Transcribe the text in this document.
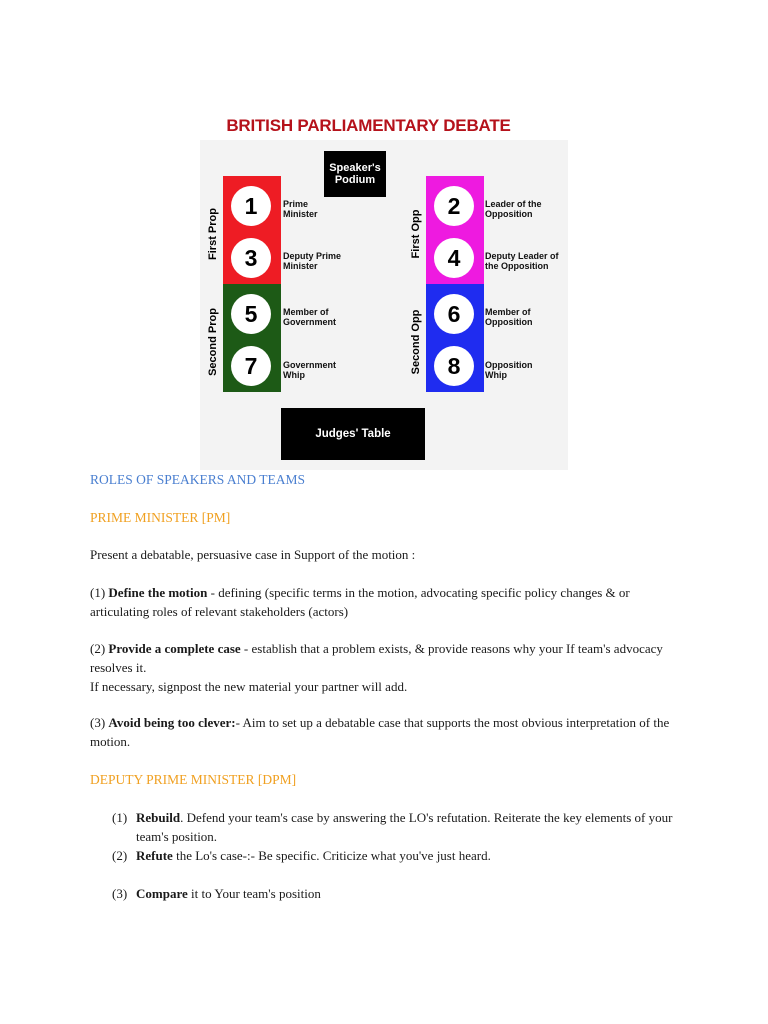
BRITISH PARLIAMENTARY DEBATE
Speaker's Podium
First Prop
Second Prop
1
3
Prime Minister
Deputy Prime Minister
5
7
Member of Government
Government Whip
First Opp
Second Opp
2
4
Leader of the Opposition
Deputy Leader of the Opposition
6
8
Member of Opposition
Opposition Whip
Judges' Table
ROLES OF SPEAKERS AND TEAMS
PRIME MINISTER [PM]
Present a debatable, persuasive case in Support of the motion :
(1) Define the motion - defining (specific terms in the motion, advocating specific policy changes & or articulating roles of relevant stakeholders (actors)
(2) Provide a complete case - establish that a problem exists, & provide reasons why your If team's advocacy resolves it.
If necessary, signpost the new material your partner will add.
(3) Avoid being too clever:- Aim to set up a debatable case that supports the most obvious interpretation of the motion.
DEPUTY PRIME MINISTER [DPM]
(1) Rebuild. Defend your team's case by answering the LO's refutation. Reiterate the key elements of your team's position.
(2) Refute the Lo's case-:- Be specific. Criticize what you've just heard.
(3) Compare it to Your team's position
